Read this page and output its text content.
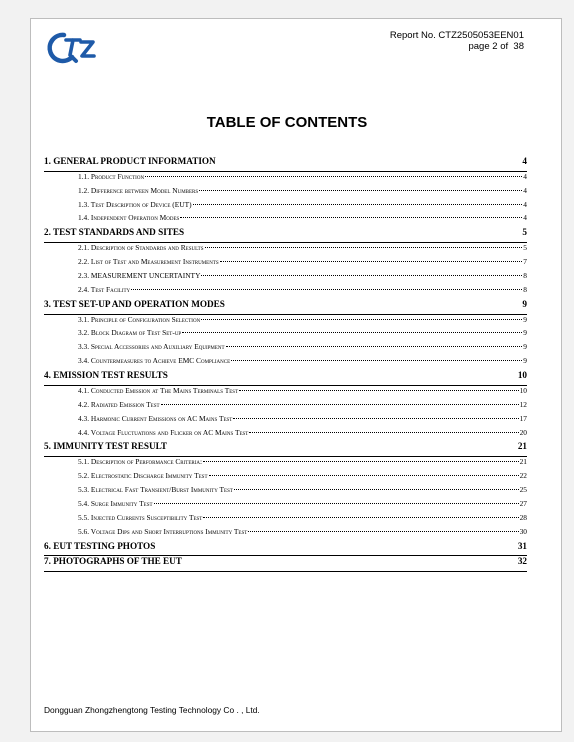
Report No. CTZ2505053EEN01
page 2 of 38
TABLE OF CONTENTS
1. GENERAL PRODUCT INFORMATION	4
1.1. Product Function	4
1.2. Difference between Model Numbers	4
1.3. Test Description of Device (EUT)	4
1.4. Independent Operation Modes	4
2. TEST STANDARDS AND SITES	5
2.1. Description of Standards and Results	5
2.2. List of Test and Measurement Instruments	7
2.3. MEASUREMENT UNCERTAINTY	8
2.4. Test Facility	8
3. TEST SET-UP AND OPERATION MODES	9
3.1. Principle of Configuration Selection	9
3.2. Block Diagram of Test Set-up	9
3.3. Special Accessories and Auxiliary Equipment	9
3.4. Countermeasures to Achieve EMC Compliance	9
4. EMISSION TEST RESULTS	10
4.1. Conducted Emission at The Mains Terminals Test	10
4.2. Radiated Emission Test	12
4.3. Harmonic Current Emissions on AC Mains Test	17
4.4. Voltage Fluctuations and Flicker on AC Mains Test	20
5. IMMUNITY TEST RESULT	21
5.1. Description of Performance Criteria:	21
5.2. Electrostatic Discharge Immunity Test	22
5.3. Electrical Fast Transient/Burst Immunity Test	25
5.4. Surge Immunity Test	27
5.5. Injected Currents Susceptibility Test	28
5.6. Voltage Dips and Short Interruptions Immunity Test	30
6. EUT TESTING PHOTOS	31
7. PHOTOGRAPHS OF THE EUT	32
Dongguan Zhongzhengtong Testing Technology Co . , Ltd.
